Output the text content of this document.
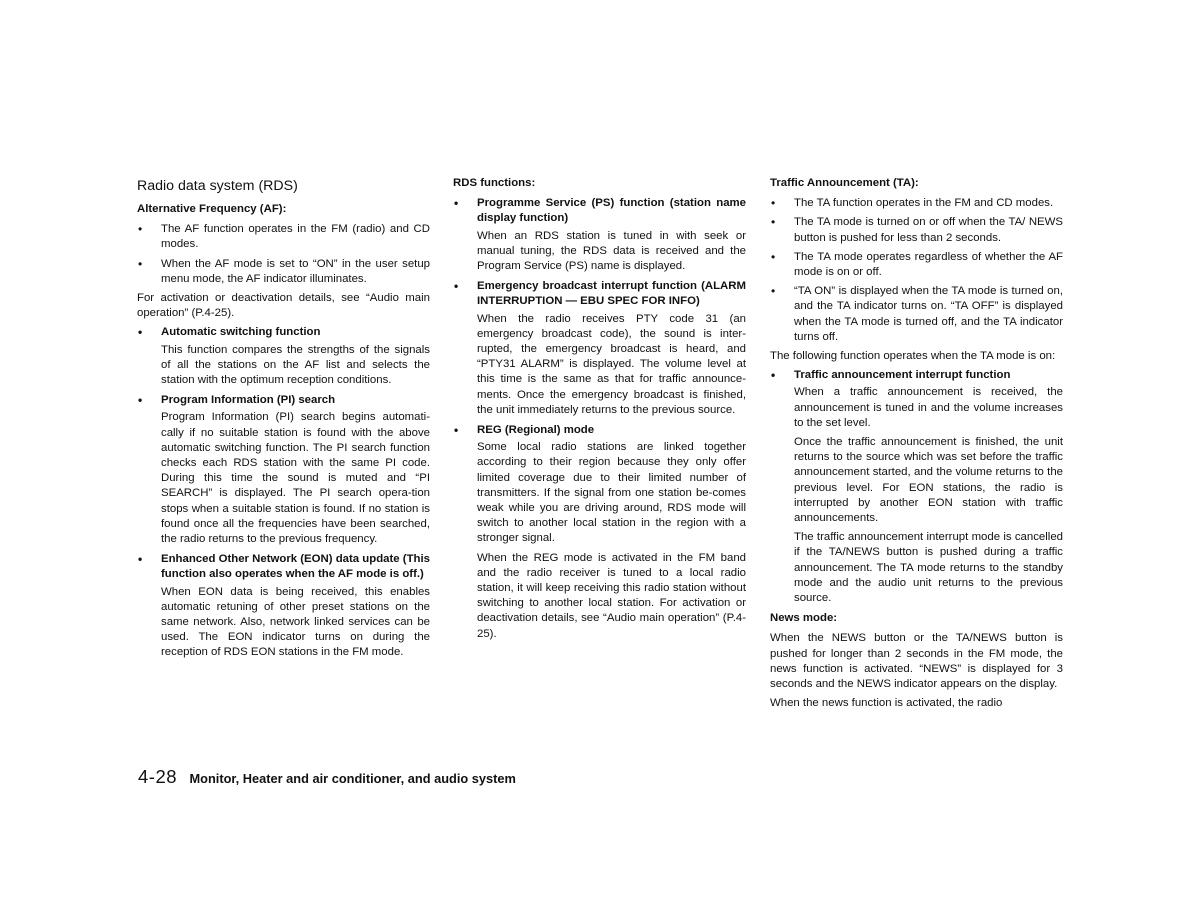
Radio data system (RDS)
Alternative Frequency (AF):
• The AF function operates in the FM (radio) and CD modes.
• When the AF mode is set to “ON” in the user setup menu mode, the AF indicator illuminates.

For activation or deactivation details, see “Audio main operation” (P.4-25).

• Automatic switching function
This function compares the strengths of the signals of all the stations on the AF list and selects the station with the optimum reception conditions.
• Program Information (PI) search
Program Information (PI) search begins automati-cally if no suitable station is found with the above automatic switching function. The PI search function checks each RDS station with the same PI code. During this time the sound is muted and “PI SEARCH” is displayed. The PI search opera-tion stops when a suitable station is found. If no station is found once all the frequencies have been searched, the radio returns to the previous frequency.
• Enhanced Other Network (EON) data update (This function also operates when the AF mode is off.)
When EON data is being received, this enables automatic retuning of other preset stations on the same network. Also, network linked services can be used. The EON indicator turns on during the reception of RDS EON stations in the FM mode.
RDS functions:
• Programme Service (PS) function (station name display function)
When an RDS station is tuned in with seek or manual tuning, the RDS data is received and the Program Service (PS) name is displayed.
• Emergency broadcast interrupt function (ALARM INTERRUPTION — EBU SPEC FOR INFO)
When the radio receives PTY code 31 (an emergency broadcast code), the sound is inter-rupted, the emergency broadcast is heard, and “PTY31 ALARM” is displayed. The volume level at this time is the same as that for traffic announce-ments. Once the emergency broadcast is finished, the unit immediately returns to the previous source.
• REG (Regional) mode
Some local radio stations are linked together according to their region because they only offer limited coverage due to their limited number of transmitters. If the signal from one station be-comes weak while you are driving around, RDS mode will switch to another local station in the region with a stronger signal.
When the REG mode is activated in the FM band and the radio receiver is tuned to a local radio station, it will keep receiving this radio station without switching to another local station. For activation or deactivation details, see “Audio main operation” (P.4-25).
Traffic Announcement (TA):
• The TA function operates in the FM and CD modes.
• The TA mode is turned on or off when the TA/ NEWS button is pushed for less than 2 seconds.
• The TA mode operates regardless of whether the AF mode is on or off.
• “TA ON” is displayed when the TA mode is turned on, and the TA indicator turns on. “TA OFF” is displayed when the TA mode is turned off, and the TA indicator turns off.

The following function operates when the TA mode is on:

• Traffic announcement interrupt function
When a traffic announcement is received, the announcement is tuned in and the volume increases to the set level.
Once the traffic announcement is finished, the unit returns to the source which was set before the traffic announcement started, and the volume returns to the previous level. For EON stations, the radio is interrupted by another EON station with traffic announcements.
The traffic announcement interrupt mode is cancelled if the TA/NEWS button is pushed during a traffic announcement. The TA mode returns to the standby mode and the audio unit returns to the previous source.
News mode:

When the NEWS button or the TA/NEWS button is pushed for longer than 2 seconds in the FM mode, the news function is activated. “NEWS” is displayed for 3 seconds and the NEWS indicator appears on the display.

When the news function is activated, the radio

4-28 Monitor, Heater and air conditioner, and audio system
